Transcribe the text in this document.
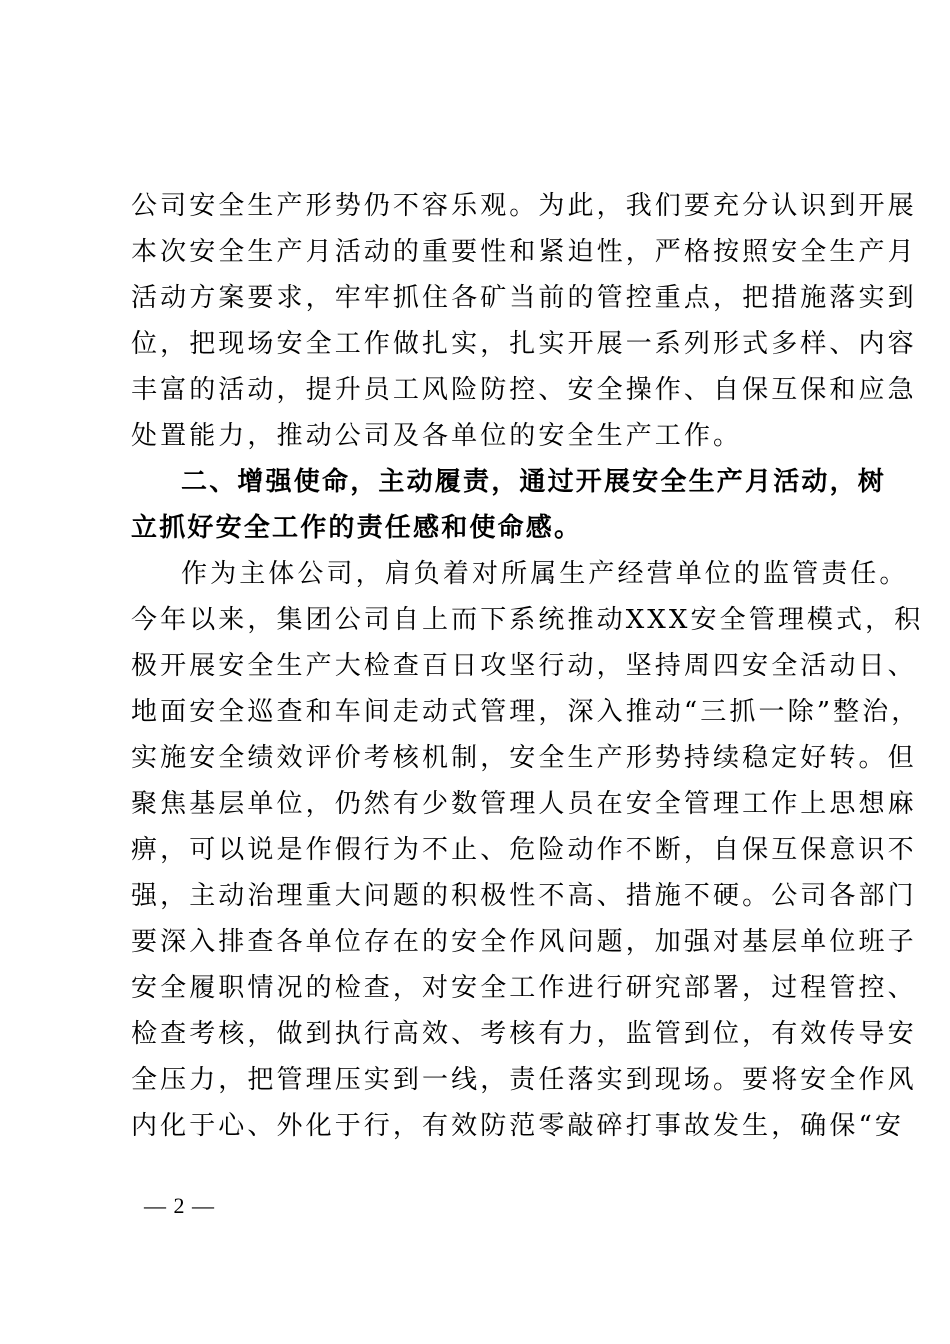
公司安全生产形势仍不容乐观。为此，我们要充分认识到开展
本次安全生产月活动的重要性和紧迫性，严格按照安全生产月
活动方案要求，牢牢抓住各矿当前的管控重点，把措施落实到
位，把现场安全工作做扎实，扎实开展一系列形式多样、内容
丰富的活动，提升员工风险防控、安全操作、自保互保和应急
处置能力，推动公司及各单位的安全生产工作。
二、增强使命，主动履责，通过开展安全生产月活动，树
立抓好安全工作的责任感和使命感。
作为主体公司，肩负着对所属生产经营单位的监管责任。
今年以来，集团公司自上而下系统推动XXX安全管理模式，积
极开展安全生产大检查百日攻坚行动，坚持周四安全活动日、
地面安全巡查和车间走动式管理，深入推动“三抓一除”整治，
实施安全绩效评价考核机制，安全生产形势持续稳定好转。但
聚焦基层单位，仍然有少数管理人员在安全管理工作上思想麻
痹，可以说是作假行为不止、危险动作不断，自保互保意识不
强，主动治理重大问题的积极性不高、措施不硬。公司各部门
要深入排查各单位存在的安全作风问题，加强对基层单位班子
安全履职情况的检查，对安全工作进行研究部署，过程管控、
检查考核，做到执行高效、考核有力，监管到位，有效传导安
全压力，把管理压实到一线，责任落实到现场。要将安全作风
内化于心、外化于行，有效防范零敲碎打事故发生，确保“安
— 2 —
